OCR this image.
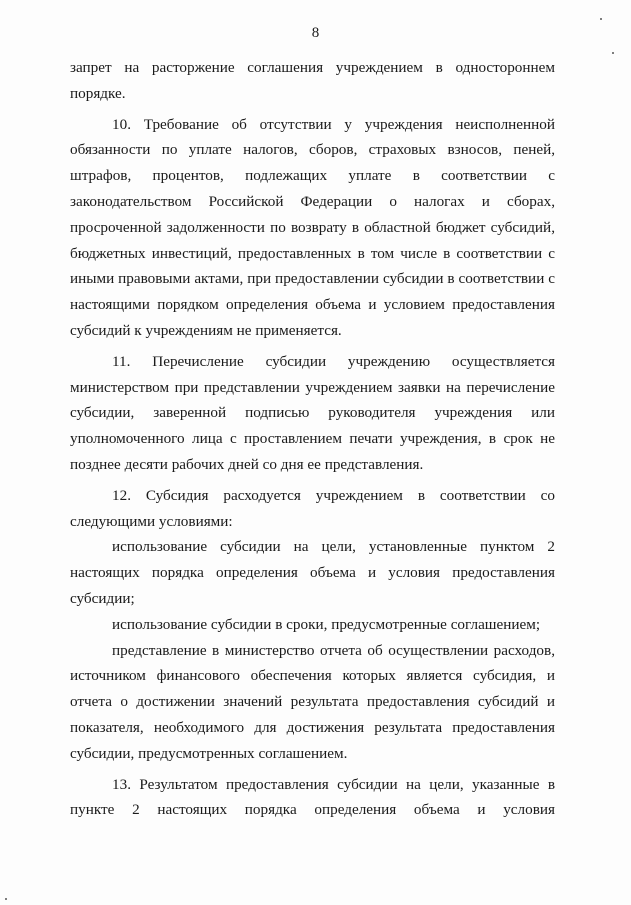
8

запрет на расторжение соглашения учреждением в одностороннем порядке.

10. Требование об отсутствии у учреждения неисполненной обязанности по уплате налогов, сборов, страховых взносов, пеней, штрафов, процентов, подлежащих уплате в соответствии с законодательством Российской Федерации о налогах и сборах, просроченной задолженности по возврату в областной бюджет субсидий, бюджетных инвестиций, предоставленных в том числе в соответствии с иными правовыми актами, при предоставлении субсидии в соответствии с настоящими порядком определения объема и условием предоставления субсидий к учреждениям не применяется.

11. Перечисление субсидии учреждению осуществляется министерством при представлении учреждением заявки на перечисление субсидии, заверенной подписью руководителя учреждения или уполномоченного лица с проставлением печати учреждения, в срок не позднее десяти рабочих дней со дня ее представления.

12. Субсидия расходуется учреждением в соответствии со следующими условиями:

использование субсидии на цели, установленные пунктом 2 настоящих порядка определения объема и условия предоставления субсидии;

использование субсидии в сроки, предусмотренные соглашением;

представление в министерство отчета об осуществлении расходов, источником финансового обеспечения которых является субсидия, и отчета о достижении значений результата предоставления субсидий и показателя, необходимого для достижения результата предоставления субсидии, предусмотренных соглашением.

13. Результатом предоставления субсидии на цели, указанные в пункте 2 настоящих порядка определения объема и условия
